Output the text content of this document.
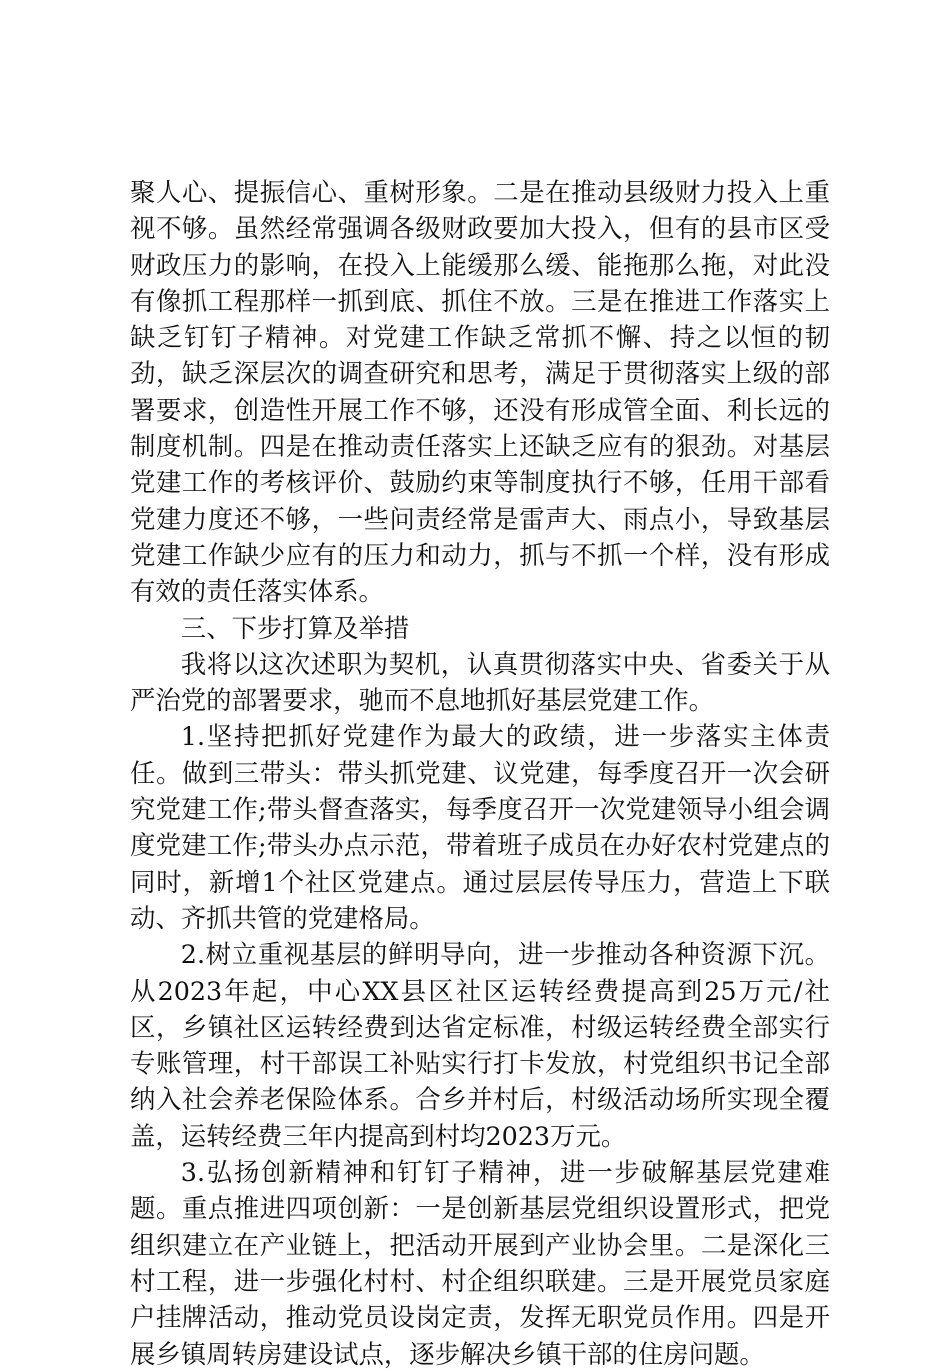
聚人心、提振信心、重树形象。二是在推动县级财力投入上重视不够。虽然经常强调各级财政要加大投入，但有的县市区受财政压力的影响，在投入上能缓那么缓、能拖那么拖，对此没有像抓工程那样一抓到底、抓住不放。三是在推进工作落实上缺乏钉钉子精神。对党建工作缺乏常抓不懈、持之以恒的韧劲，缺乏深层次的调查研究和思考，满足于贯彻落实上级的部署要求，创造性开展工作不够，还没有形成管全面、利长远的制度机制。四是在推动责任落实上还缺乏应有的狠劲。对基层党建工作的考核评价、鼓励约束等制度执行不够，任用干部看党建力度还不够，一些问责经常是雷声大、雨点小，导致基层党建工作缺少应有的压力和动力，抓与不抓一个样，没有形成有效的责任落实体系。

三、下步打算及举措

我将以这次述职为契机，认真贯彻落实中央、省委关于从严治党的部署要求，驰而不息地抓好基层党建工作。

1.坚持把抓好党建作为最大的政绩，进一步落实主体责任。做到三带头：带头抓党建、议党建，每季度召开一次会研究党建工作;带头督查落实，每季度召开一次党建领导小组会调度党建工作;带头办点示范，带着班子成员在办好农村党建点的同时，新增1个社区党建点。通过层层传导压力，营造上下联动、齐抓共管的党建格局。

2.树立重视基层的鲜明导向，进一步推动各种资源下沉。从2023年起，中心XX县区社区运转经费提高到25万元/社区，乡镇社区运转经费到达省定标准，村级运转经费全部实行专账管理，村干部误工补贴实行打卡发放，村党组织书记全部纳入社会养老保险体系。合乡并村后，村级活动场所实现全覆盖，运转经费三年内提高到村均2023万元。

3.弘扬创新精神和钉钉子精神，进一步破解基层党建难题。重点推进四项创新：一是创新基层党组织设置形式，把党组织建立在产业链上，把活动开展到产业协会里。二是深化三村工程，进一步强化村村、村企组织联建。三是开展党员家庭户挂牌活动，推动党员设岗定责，发挥无职党员作用。四是开展乡镇周转房建设试点，逐步解决乡镇干部的住房问题。
